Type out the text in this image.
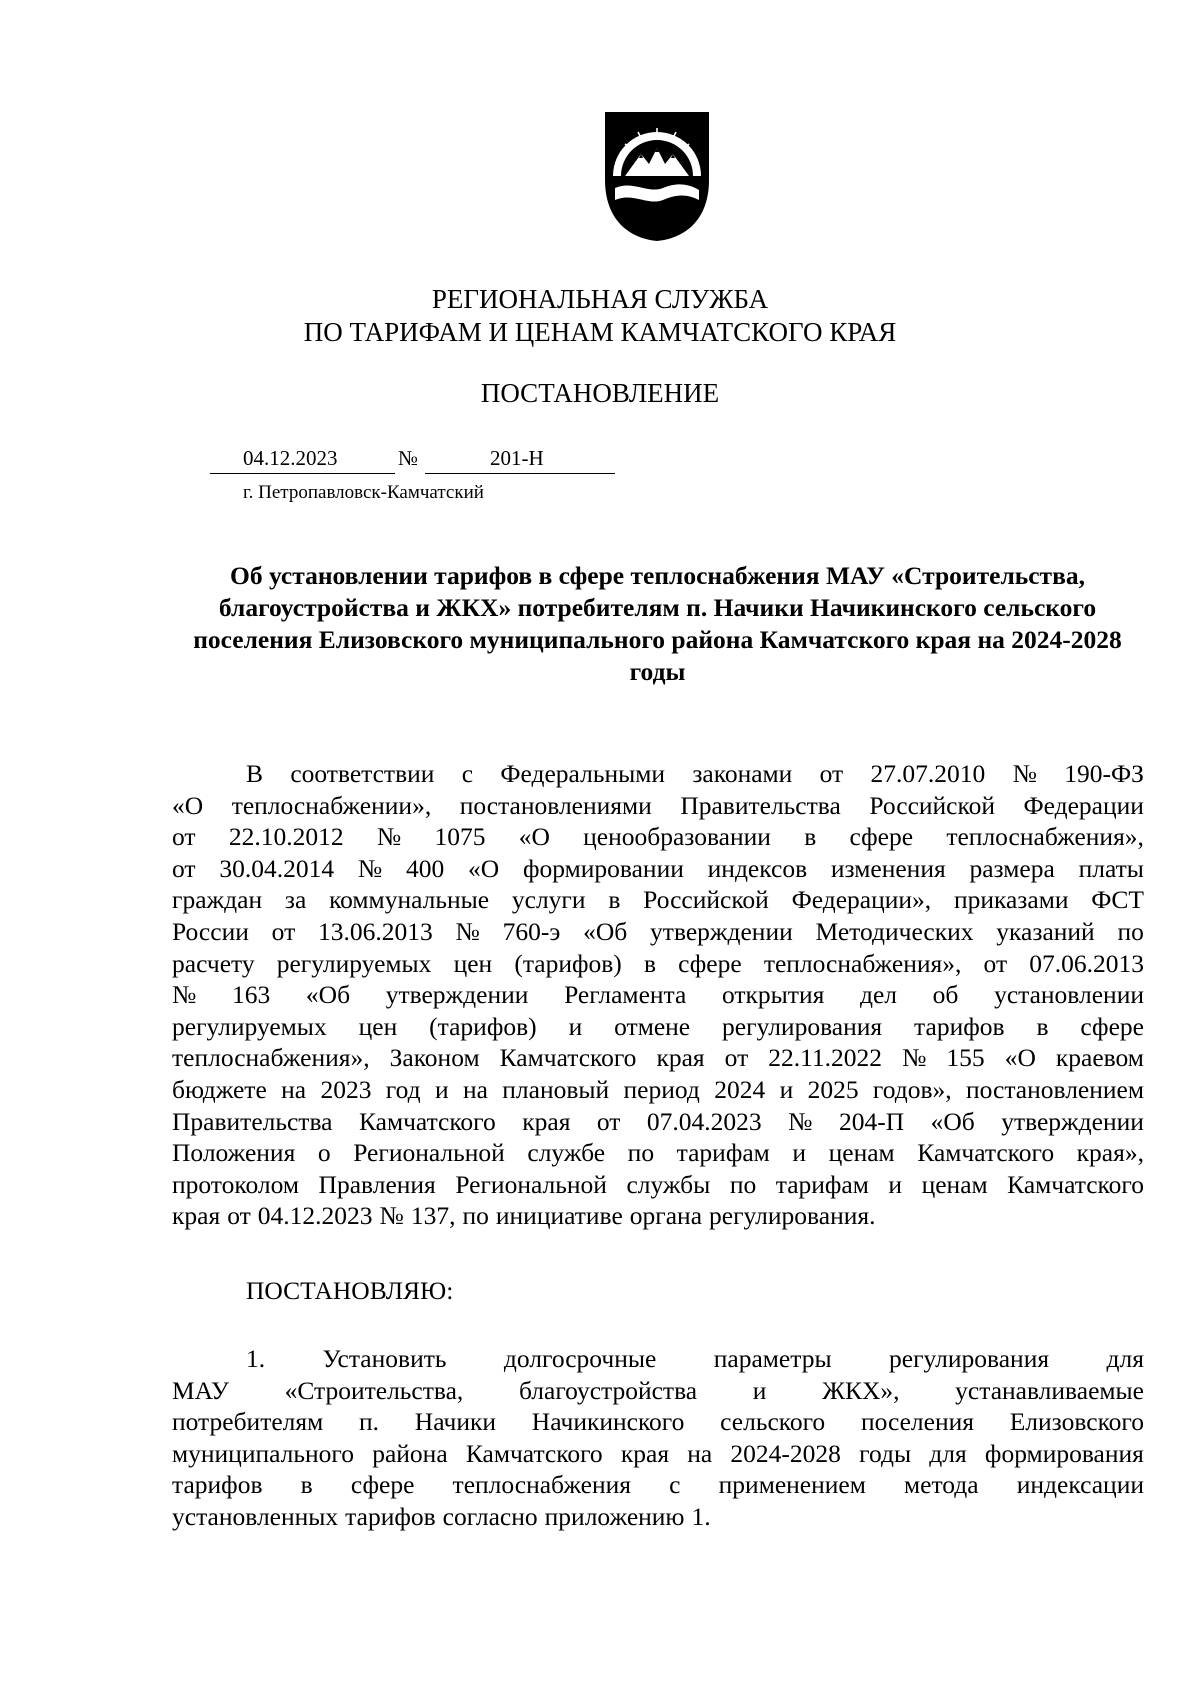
РЕГИОНАЛЬНАЯ СЛУЖБА
ПО ТАРИФАМ И ЦЕНАМ КАМЧАТСКОГО КРАЯ
ПОСТАНОВЛЕНИЕ
04.12.2023	№	201-Н
г. Петропавловск-Камчатский
Об установлении тарифов в сфере теплоснабжения МАУ «Строительства, благоустройства и ЖКХ» потребителям п. Начики Начикинского сельского поселения Елизовского муниципального района Камчатского края на 2024-2028 годы
В соответствии с Федеральными законами от 27.07.2010 № 190-ФЗ
«О теплоснабжении», постановлениями Правительства Российской Федерации
от 22.10.2012 № 1075 «О ценообразовании в сфере теплоснабжения»,
от 30.04.2014 № 400 «О формировании индексов изменения размера платы
граждан за коммунальные услуги в Российской Федерации», приказами ФСТ
России от 13.06.2013 № 760-э «Об утверждении Методических указаний по
расчету регулируемых цен (тарифов) в сфере теплоснабжения», от 07.06.2013
№ 163 «Об утверждении Регламента открытия дел об установлении
регулируемых цен (тарифов) и отмене регулирования тарифов в сфере
теплоснабжения», Законом Камчатского края от 22.11.2022 № 155 «О краевом
бюджете на 2023 год и на плановый период 2024 и 2025 годов», постановлением
Правительства Камчатского края от 07.04.2023 № 204-П «Об утверждении
Положения о Региональной службе по тарифам и ценам Камчатского края»,
протоколом Правления Региональной службы по тарифам и ценам Камчатского
края от 04.12.2023 № 137, по инициативе органа регулирования.
ПОСТАНОВЛЯЮ:
1. Установить долгосрочные параметры регулирования для
МАУ «Строительства, благоустройства и ЖКХ», устанавливаемые
потребителям п. Начики Начикинского сельского поселения Елизовского
муниципального района Камчатского края на 2024-2028 годы для формирования
тарифов в сфере теплоснабжения с применением метода индексации
установленных тарифов согласно приложению 1.
